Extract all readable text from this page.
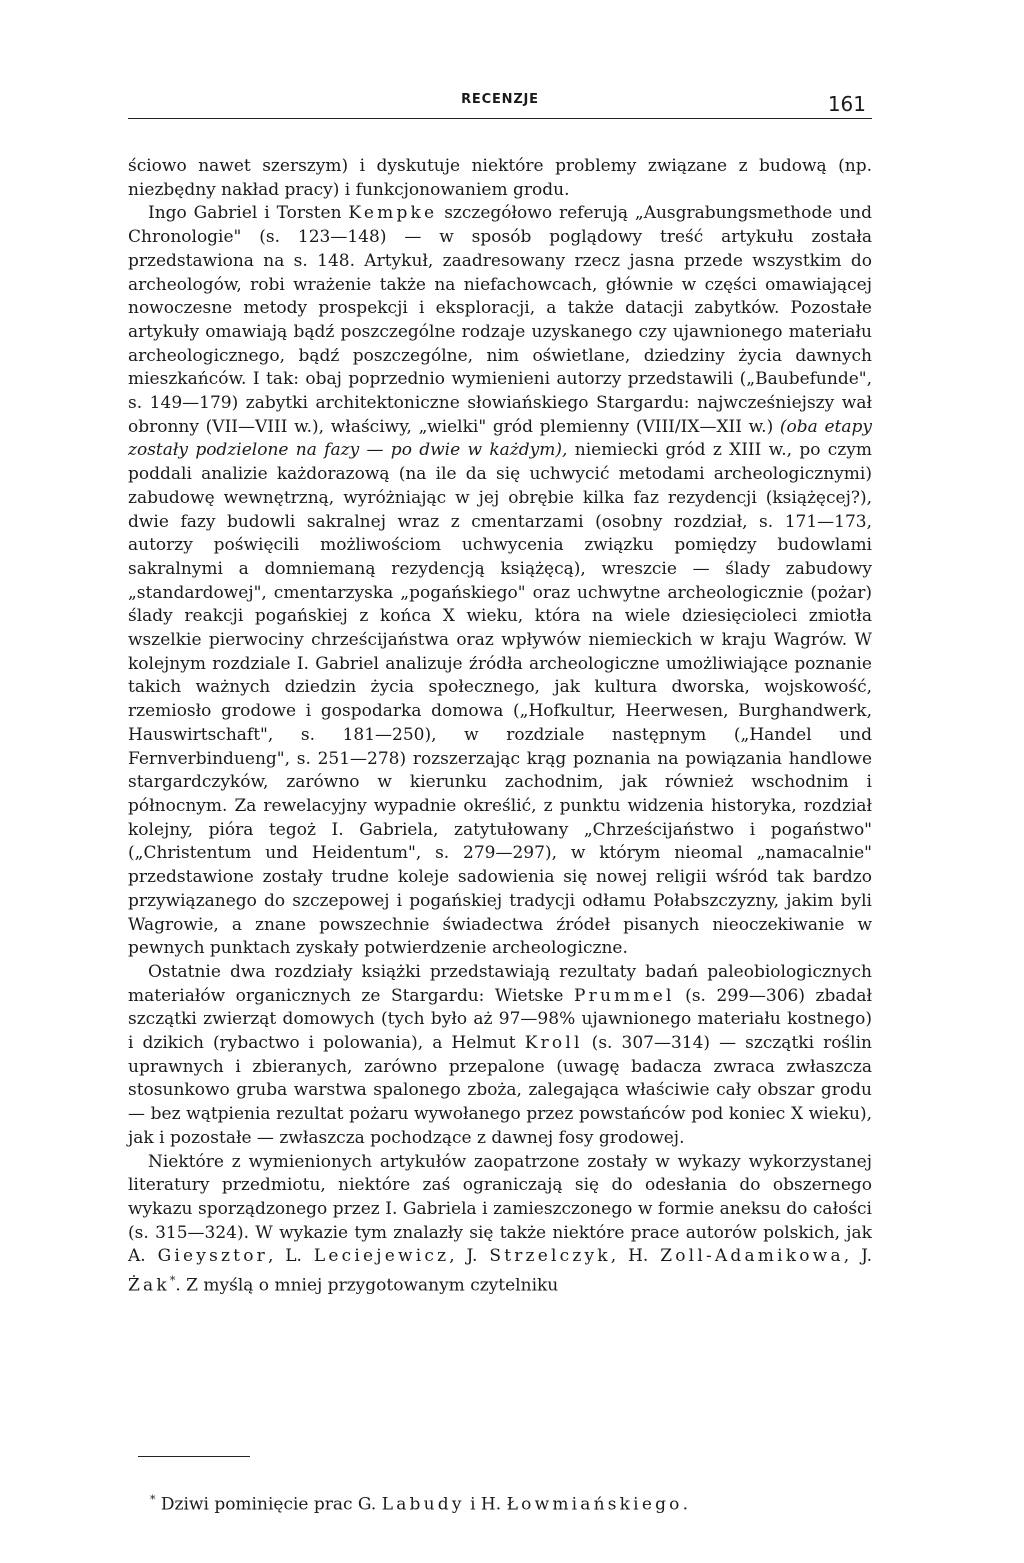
RECENZJE	161

ściowo nawet szerszym) i dyskutuje niektóre problemy związane z budową (np. niezbędny nakład pracy) i funkcjonowaniem grodu.

Ingo Gabriel i Torsten Kempke szczegółowo referują „Ausgrabungsmethode und Chronologie" (s. 123—148) — w sposób poglądowy treść artykułu została przedstawiona na s. 148. Artykuł, zaadresowany rzecz jasna przede wszystkim do archeologów, robi wrażenie także na niefachowcach, głównie w części omawiającej nowoczesne metody prospekcji i eksploracji, a także datacji zabytków. Pozostałe artykuły omawiają bądź poszczególne rodzaje uzyskanego czy ujawnionego materiału archeologicznego, bądź poszczególne, nim oświetlane, dziedziny życia dawnych mieszkańców. I tak: obaj poprzednio wymienieni autorzy przedstawili („Baubefunde", s. 149—179) zabytki architektoniczne słowiańskiego Stargardu: najwcześniejszy wał obronny (VII—VIII w.), właściwy, „wielki" gród plemienny (VIII/IX—XII w.) (oba etapy zostały podzielone na fazy — po dwie w każdym), niemiecki gród z XIII w., po czym poddali analizie każdorazową (na ile da się uchwycić metodami archeologicznymi) zabudowę wewnętrzną, wyróżniając w jej obrębie kilka faz rezydencji (książęcej?), dwie fazy budowli sakralnej wraz z cmentarzami (osobny rozdział, s. 171—173, autorzy poświęcili możliwościom uchwycenia związku pomiędzy budowlami sakralnymi a domniemaną rezydencją książęcą), wreszcie — ślady zabudowy „standardowej", cmentarzyska „pogańskiego" oraz uchwytne archeologicznie (pożar) ślady reakcji pogańskiej z końca X wieku, która na wiele dziesięcioleci zmiotła wszelkie pierwociny chrześcijaństwa oraz wpływów niemieckich w kraju Wagrów. W kolejnym rozdziale I. Gabriel analizuje źródła archeologiczne umożliwiające poznanie takich ważnych dziedzin życia społecznego, jak kultura dworska, wojskowość, rzemiosło grodowe i gospodarka domowa („Hofkultur, Heerwesen, Burghandwerk, Hauswirtschaft", s. 181—250), w rozdziale następnym („Handel und Fernverbindueng", s. 251—278) rozszerzając krąg poznania na powiązania handlowe stargardczyków, zarówno w kierunku zachodnim, jak również wschodnim i północnym. Za rewelacyjny wypadnie określić, z punktu widzenia historyka, rozdział kolejny, pióra tegoż I. Gabriela, zatytułowany „Chrześcijaństwo i pogaństwo" („Christentum und Heidentum", s. 279—297), w którym nieomal „namacalnie" przedstawione zostały trudne koleje sadowienia się nowej religii wśród tak bardzo przywiązanego do szczepowej i pogańskiej tradycji odłamu Połabszczyzny, jakim byli Wagrowie, a znane powszechnie świadectwa źródeł pisanych nieoczekiwanie w pewnych punktach zyskały potwierdzenie archeologiczne.

Ostatnie dwa rozdziały książki przedstawiają rezultaty badań paleobiologicznych materiałów organicznych ze Stargardu: Wietske Prummel (s. 299—306) zbadał szczątki zwierząt domowych (tych było aż 97—98% ujawnionego materiału kostnego) i dzikich (rybactwo i polowania), a Helmut Kroll (s. 307—314) — szczątki roślin uprawnych i zbieranych, zarówno przepalone (uwagę badacza zwraca zwłaszcza stosunkowo gruba warstwa spalonego zboża, zalegająca właściwie cały obszar grodu — bez wątpienia rezultat pożaru wywołanego przez powstańców pod koniec X wieku), jak i pozostałe — zwłaszcza pochodzące z dawnej fosy grodowej.

Niektóre z wymienionych artykułów zaopatrzone zostały w wykazy wykorzystanej literatury przedmiotu, niektóre zaś ograniczają się do odesłania do obszernego wykazu sporządzonego przez I. Gabriela i zamieszczonego w formie aneksu do całości (s. 315—324). W wykazie tym znalazły się także niektóre prace autorów polskich, jak A. Gieysztor, L. Leciejewicz, J. Strzelczyk, H. Zoll-Adamikowa, J. Żak*. Z myślą o mniej przygotowanym czytelniku

* Dziwi pominięcie prac G. Labudy i H. Łowmiańskiego.
